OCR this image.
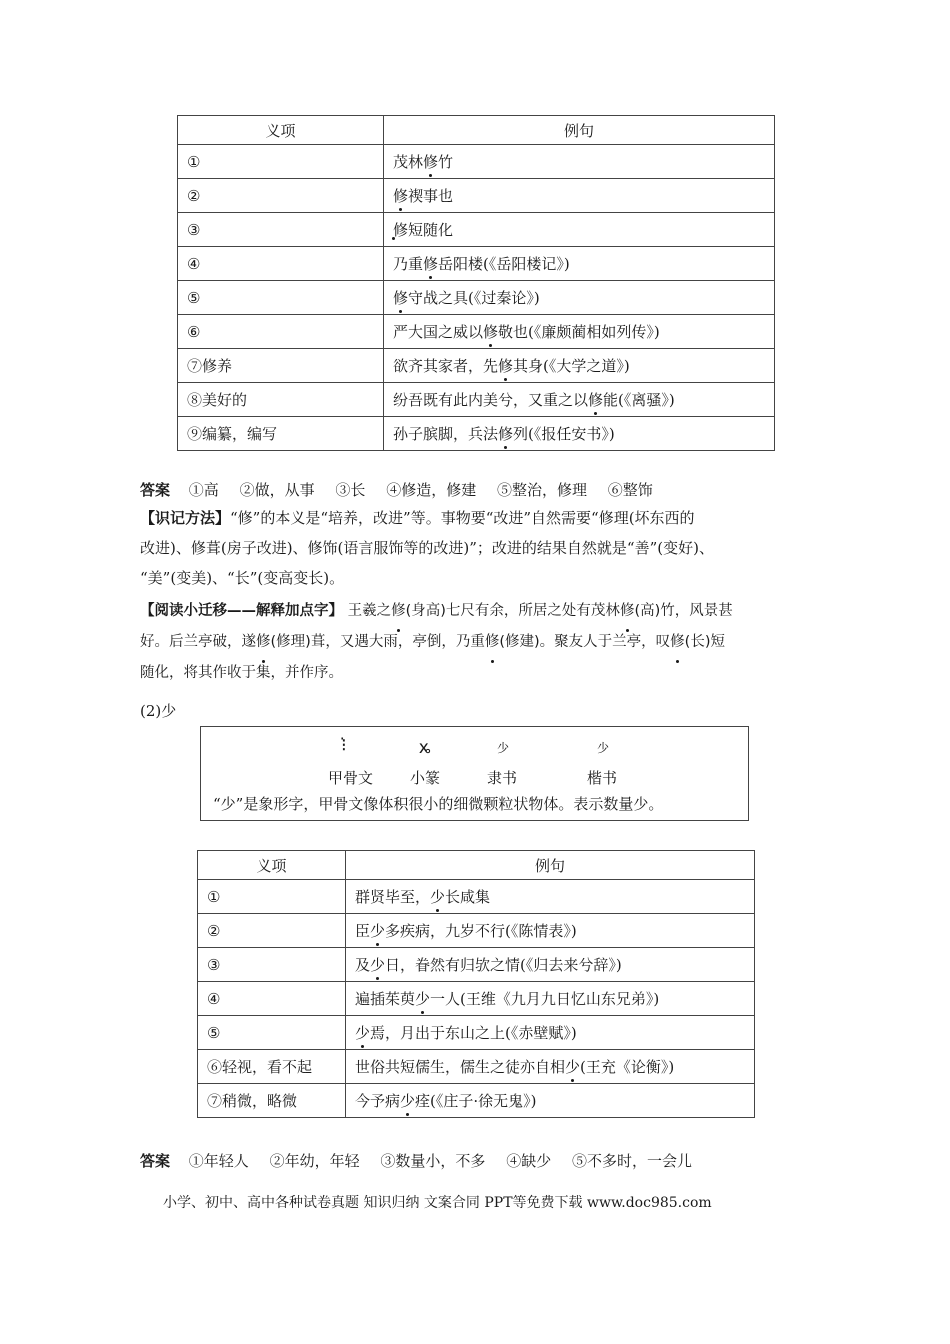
义项	例句
①	茂林修竹
②	修禊事也
③	修短随化
④	乃重修岳阳楼(《岳阳楼记》)
⑤	修守战之具(《过秦论》)
⑥	严大国之威以修敬也(《廉颇蔺相如列传》)
⑦修养	欲齐其家者，先修其身(《大学之道》)
⑧美好的	纷吾既有此内美兮，又重之以修能(《离骚》)
⑨编纂，编写	孙子膑脚，兵法修列(《报任安书》)
答案 ①高 ②做，从事 ③长 ④修造，修建 ⑤整治，修理 ⑥整饰
【识记方法】“修”的本义是“培养，改进”等。事物要“改进”自然需要“修理(坏东西的
改进)、修葺(房子改进)、修饰(语言服饰等的改进)”；改进的结果自然就是“善”(变好)、
“美”(变美)、“长”(变高变长)。
【阅读小迁移——解释加点字】 王羲之修(身高)七尺有余，所居之处有茂林修(高)竹，风景甚
好。后兰亭破，遂修(修理)葺，又遇大雨，亭倒，乃重修(修建)。聚友人于兰亭，叹修(长)短
随化，将其作收于集，并作序。
(2)少
⁝̇	ꭖ	少	少
甲骨文 小篆	隶书	楷书
“少”是象形字，甲骨文像体积很小的细微颗粒状物体。表示数量少。
义项	例句
①	群贤毕至，少长咸集
②	臣少多疾病，九岁不行(《陈情表》)
③	及少日，眷然有归欤之情(《归去来兮辞》)
④	遍插茱萸少一人(王维《九月九日忆山东兄弟》)
⑤	少焉，月出于东山之上(《赤壁赋》)
⑥轻视，看不起	世俗共短儒生，儒生之徒亦自相少(王充《论衡》)
⑦稍微，略微	今予病少痊(《庄子·徐无鬼》)
答案 ①年轻人 ②年幼，年轻 ③数量小，不多 ④缺少 ⑤不多时，一会儿
小学、初中、高中各种试卷真题 知识归纳 文案合同 PPT等免费下载 www.doc985.com
